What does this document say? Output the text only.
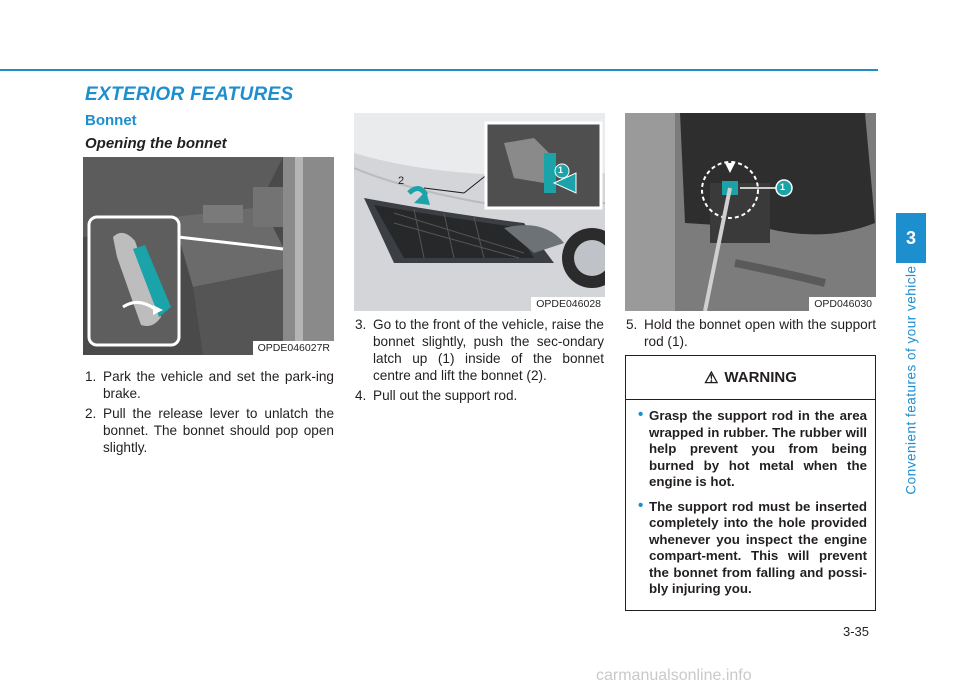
EXTERIOR FEATURES
Bonnet
Opening the bonnet
OPDE046027R
2
1
OPDE046028
1
OPD046030
1. Park the vehicle and set the park-ing brake.
2. Pull the release lever to unlatch the bonnet. The bonnet should pop open slightly.
3. Go to the front of the vehicle, raise the bonnet slightly, push the sec-ondary latch up (1) inside of the bonnet centre and lift the bonnet (2).
4. Pull out the support rod.
5. Hold the bonnet open with the support rod (1).
⚠ WARNING
• Grasp the support rod in the area wrapped in rubber. The rubber will help prevent you from being burned by hot metal when the engine is hot.
• The support rod must be inserted completely into the hole provided whenever you inspect the engine compart-ment. This will prevent the bonnet from falling and possi-bly injuring you.
3
Convenient features of your vehicle
3-35
carmanualsonline.info
